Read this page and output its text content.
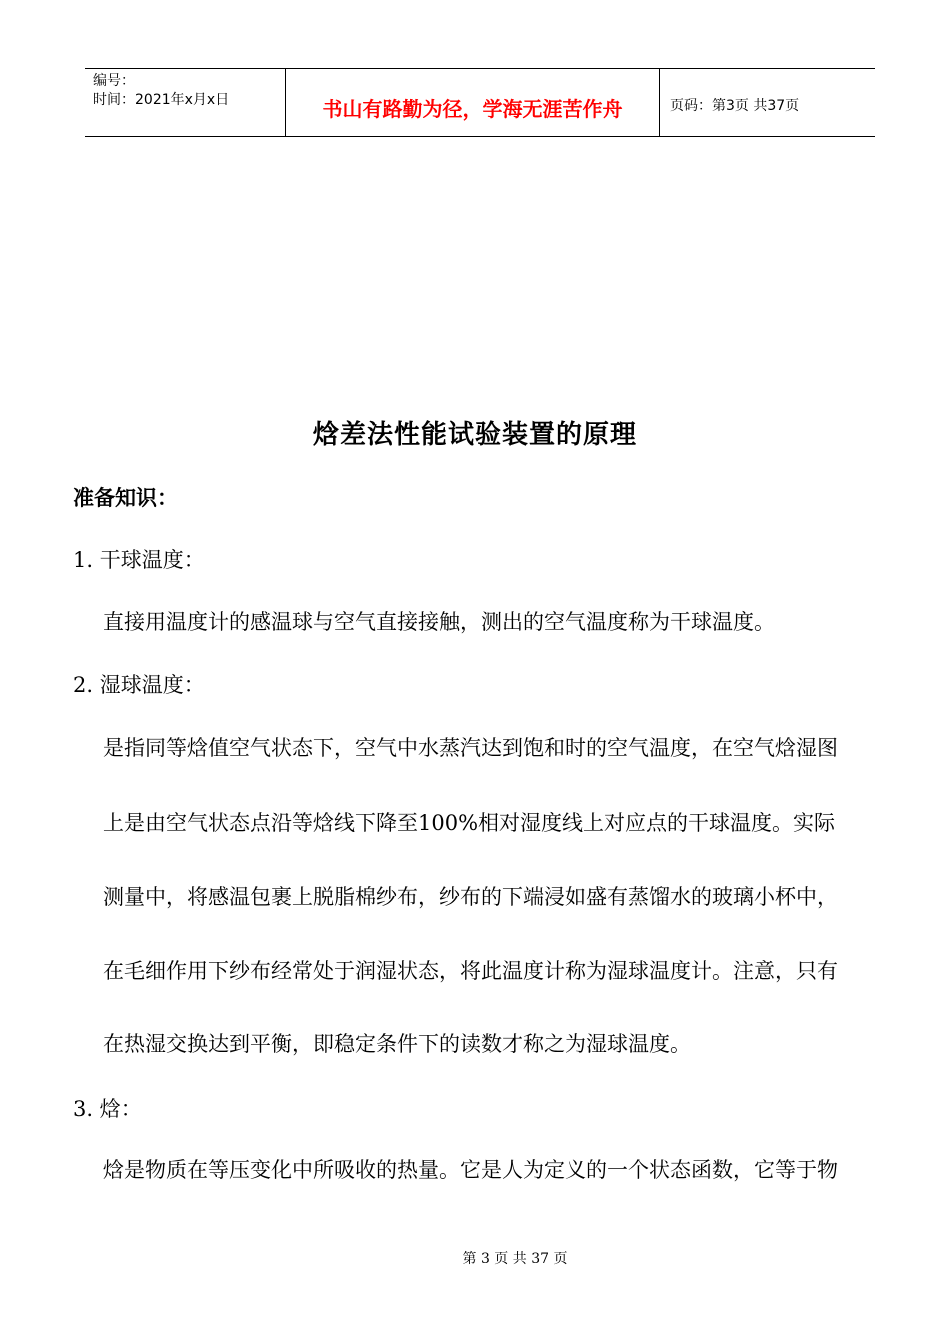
编号：
时间：2021年x月x日	书山有路勤为径，学海无涯苦作舟	页码：第3页 共37页
焓差法性能试验装置的原理
准备知识：
1. 干球温度：
直接用温度计的感温球与空气直接接触，测出的空气温度称为干球温度。
2. 湿球温度：
是指同等焓值空气状态下，空气中水蒸汽达到饱和时的空气温度，在空气焓湿图
上是由空气状态点沿等焓线下降至100%相对湿度线上对应点的干球温度。实际
测量中，将感温包裹上脱脂棉纱布，纱布的下端浸如盛有蒸馏水的玻璃小杯中，
在毛细作用下纱布经常处于润湿状态，将此温度计称为湿球温度计。注意，只有
在热湿交换达到平衡，即稳定条件下的读数才称之为湿球温度。
3. 焓：
焓是物质在等压变化中所吸收的热量。它是人为定义的一个状态函数，它等于物
第 3 页 共 37 页
